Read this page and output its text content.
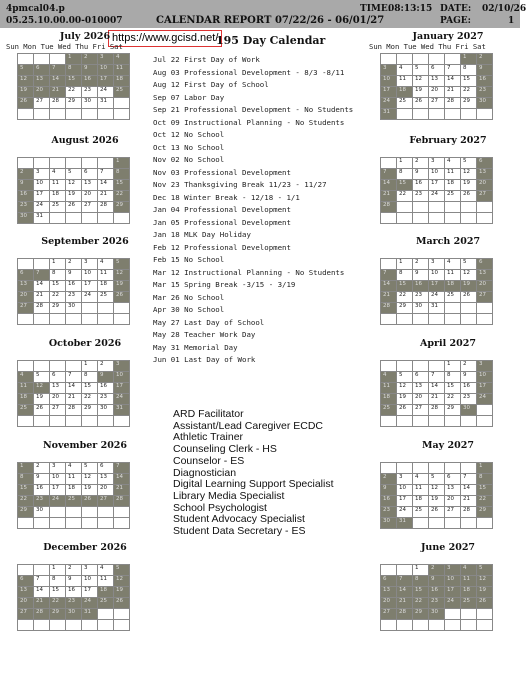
4pmcal04.p
05.25.10.00.00-010007	CALENDAR REPORT 07/22/26 - 06/01/27
TIME:
08:13:15 DATE: 02/10/26
PAGE:	1
https://www.gcisd.net/
195 Day Calendar
July 2026
Sun Mon Tue Wed Thu Fri Sat
			1	2	3	4
5	6	7	8	9	10	11
12	13	14	15	16	17	18
19	20	21	22	23	24	25
26	27	28	29	30	31	

August 2026
						1
2	3	4	5	6	7	8
9	10	11	12	13	14	15
16	17	18	19	20	21	22
23	24	25	26	27	28	29
30	31					
September 2026
		1	2	3	4	5
6	7	8	9	10	11	12
13	14	15	16	17	18	19
20	21	22	23	24	25	26
27	28	29	30			

October 2026
				1	2	3
4	5	6	7	8	9	10
11	12	13	14	15	16	17
18	19	20	21	22	23	24
25	26	27	28	29	30	31

November 2026
1	2	3	4	5	6	7
8	9	10	11	12	13	14
15	16	17	18	19	20	21
22	23	24	25	26	27	28
29	30					

December 2026
		1	2	3	4	5
6	7	8	9	10	11	12
13	14	15	16	17	18	19
20	21	22	23	24	25	26
27	28	29	30	31		

January 2027
Sun Mon Tue Wed Thu Fri Sat
					1	2
3	4	5	6	7	8	9
10	11	12	13	14	15	16
17	18	19	20	21	22	23
24	25	26	27	28	29	30
31						
February 2027
	1	2	3	4	5	6
7	8	9	10	11	12	13
14	15	16	17	18	19	20
21	22	23	24	25	26	27
28						

March 2027
	1	2	3	4	5	6
7	8	9	10	11	12	13
14	15	16	17	18	19	20
21	22	23	24	25	26	27
28	29	30	31			

April 2027
				1	2	3
4	5	6	7	8	9	10
11	12	13	14	15	16	17
18	19	20	21	22	23	24
25	26	27	28	29	30	

May 2027
						1
2	3	4	5	6	7	8
9	10	11	12	13	14	15
16	17	18	19	20	21	22
23	24	25	26	27	28	29
30	31					
June 2027
		1	2	3	4	5
6	7	8	9	10	11	12
13	14	15	16	17	18	19
20	21	22	23	24	25	26
27	28	29	30			

Jul 22 First Day of Work
Aug 03 Professional Development - 8/3 -8/11
Aug 12 First Day of School
Sep 07 Labor Day
Sep 21 Professional Development - No Students
Oct 09 Instructional Planning - No Students
Oct 12 No School
Oct 13 No School
Nov 02 No School
Nov 03 Professional Development
Nov 23 Thanksgiving Break 11/23 - 11/27
Dec 18 Winter Break - 12/18 - 1/1
Jan 04 Professional Development
Jan 05 Professional Development
Jan 18 MLK Day Holiday
Feb 12 Professional Development
Feb 15 No School
Mar 12 Instructional Planning - No Students
Mar 15 Spring Break -3/15 - 3/19
Mar 26 No School
Apr 30 No School
May 27 Last Day of School
May 28 Teacher Work Day
May 31 Memorial Day
Jun 01 Last Day of Work
ARD Facilitator
Assistant/Lead Caregiver ECDC
Athletic Trainer
Counseling Clerk - HS
Counselor - ES
Diagnostician
Digital Learning Support Specialist
Library Media Specialist
School Psychologist
Student Advocacy Specialist
Student Data Secretary - ES
